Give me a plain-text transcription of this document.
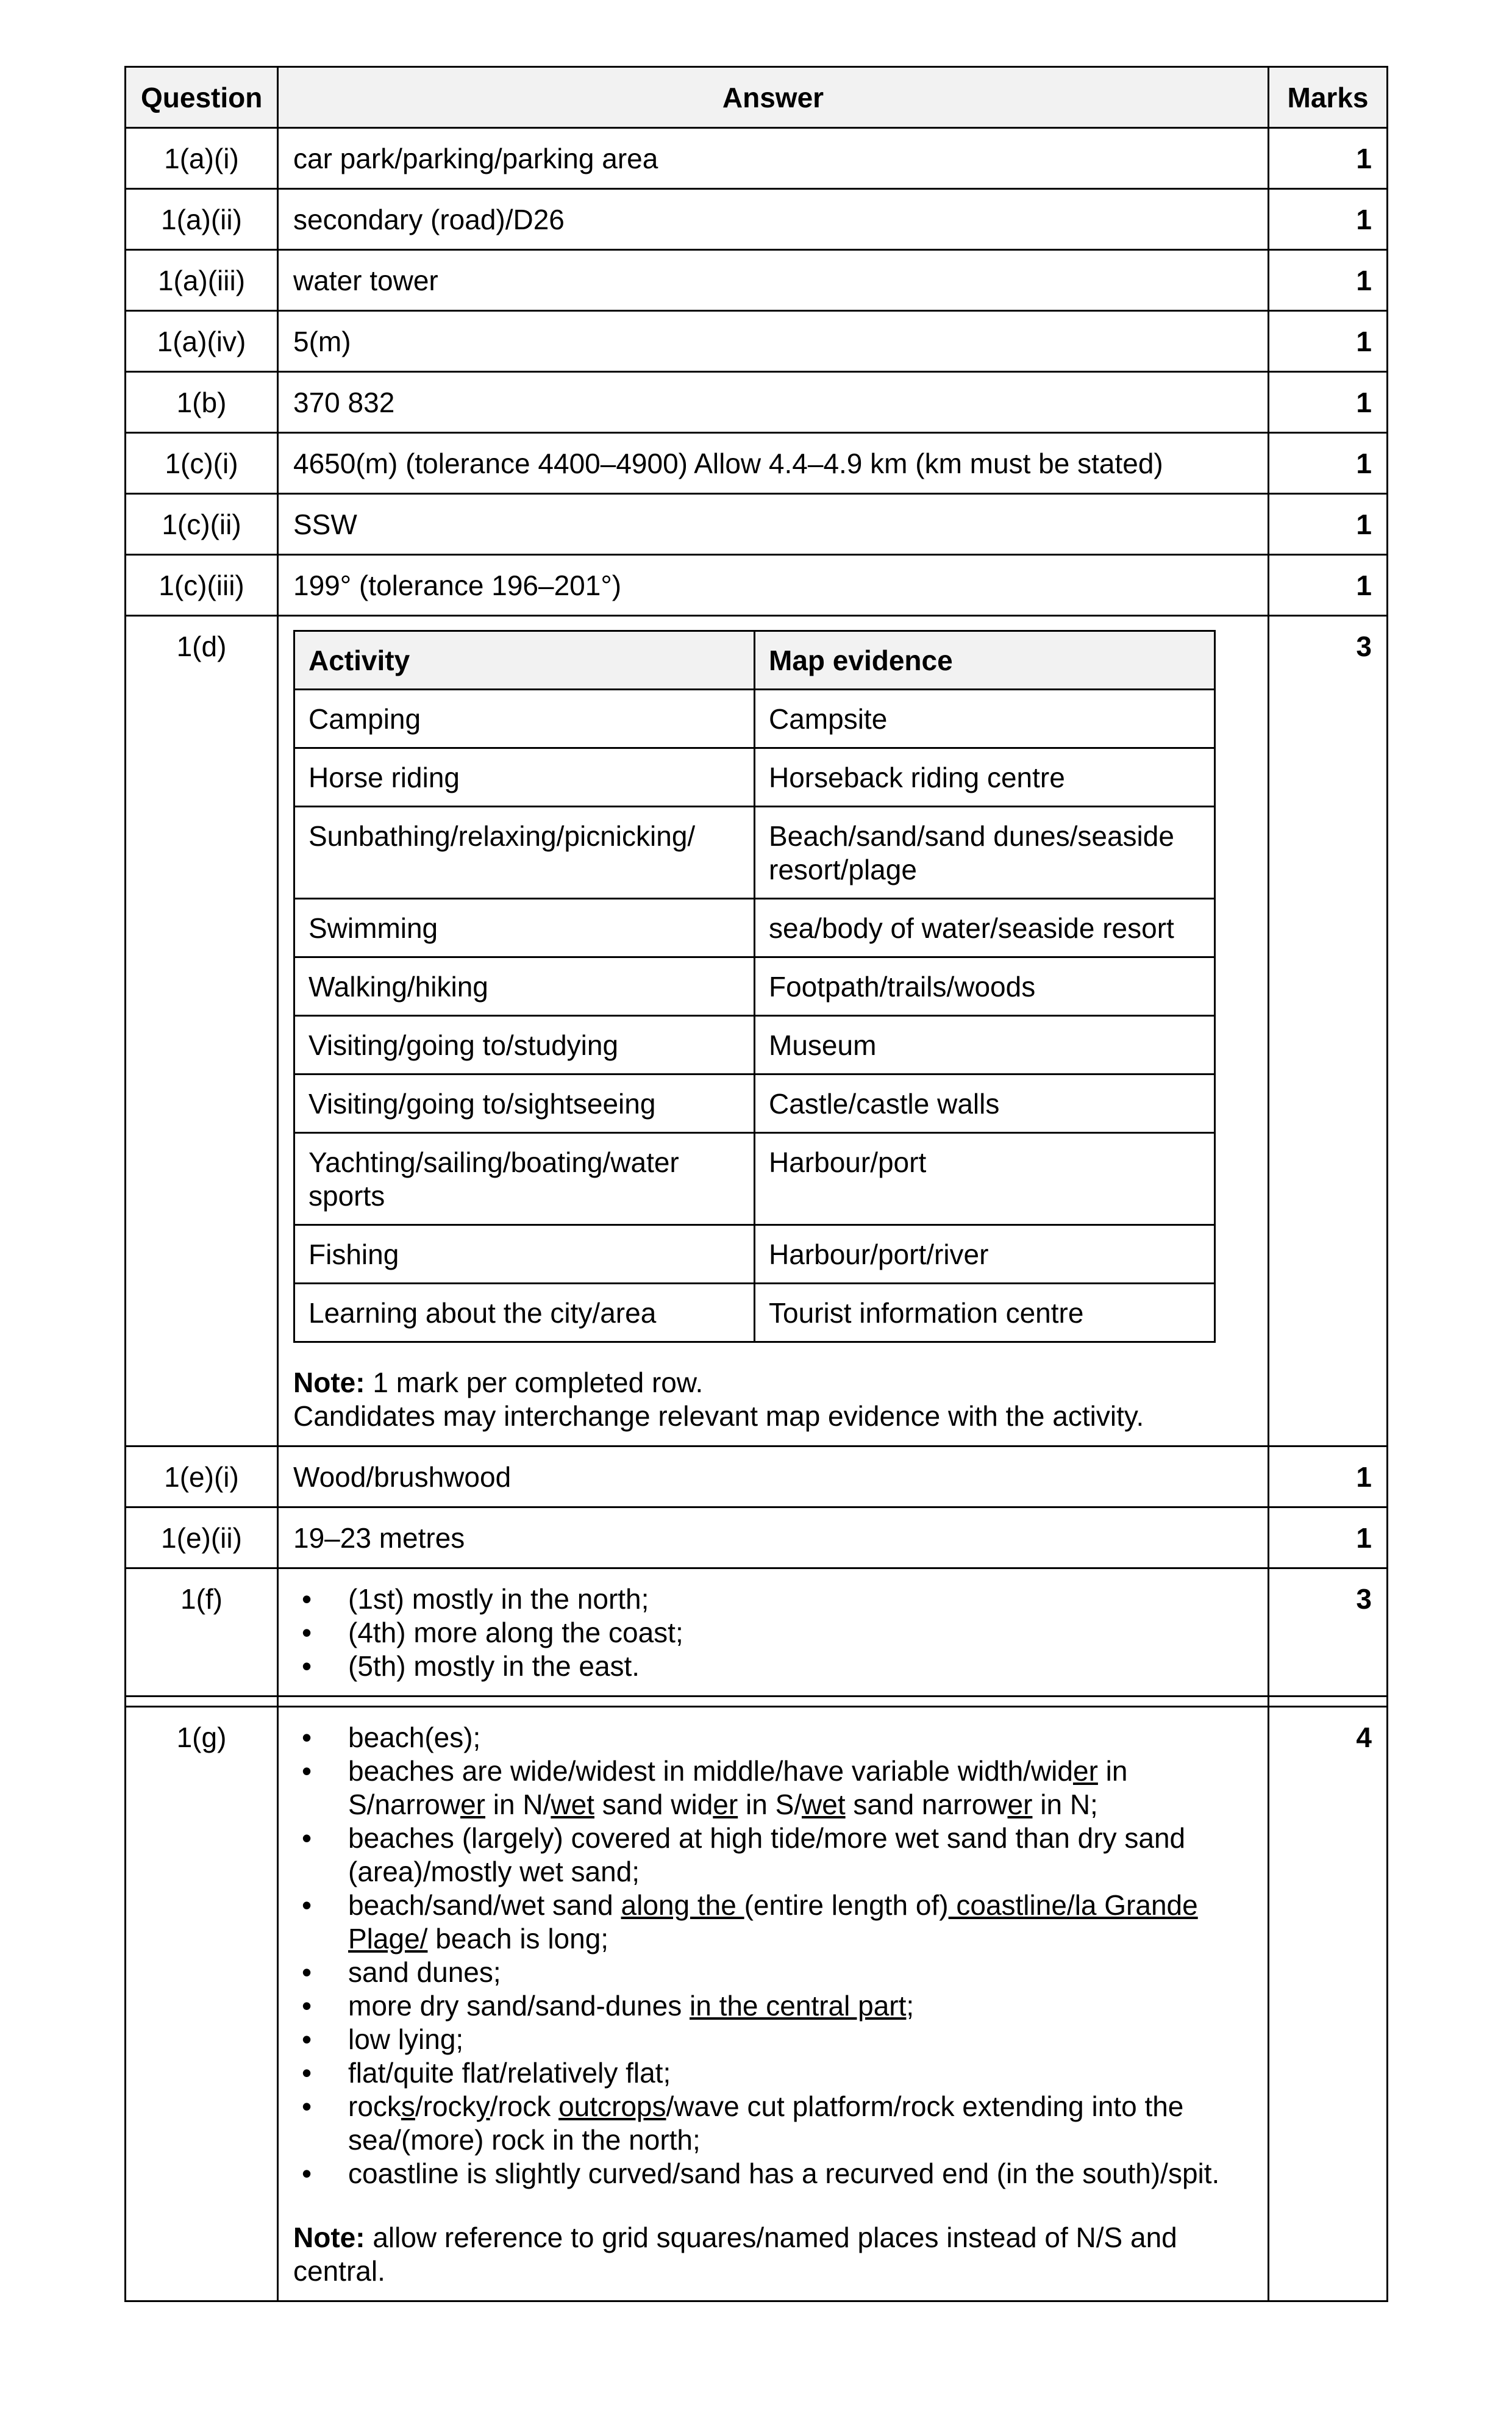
Question	Answer	Marks
1(a)(i)	car park/parking/parking area	1
1(a)(ii)	secondary (road)/D26	1
1(a)(iii)	water tower	1
1(a)(iv)	5(m)	1
1(b)	370 832	1
1(c)(i)	4650(m) (tolerance 4400–4900) Allow 4.4–4.9 km (km must be stated)	1
1(c)(ii)	SSW	1
1(c)(iii)	199° (tolerance 196–201°)	1
1(d)		Activity	Map evidence
Camping	Campsite
Horse riding	Horseback riding centre
Sunbathing/relaxing/picnicking/	Beach/sand/sand dunes/seaside resort/plage
Swimming	sea/body of water/seaside resort
Walking/hiking	Footpath/trails/woods
Visiting/going to/studying	Museum
Visiting/going to/sightseeing	Castle/castle walls
Yachting/sailing/boating/water sports	Harbour/port
Fishing	Harbour/port/river
Learning about the city/area	Tourist information centre
Note: 1 mark per completed row.
Candidates may interchange relevant map evidence with the activity.
	3
1(e)(i)	Wood/brushwood	1
1(e)(ii)	19–23 metres	1
1(f)	
•(1st) mostly in the north;
• (4th) more along the coast;
• (5th) mostly in the east.
	3

1(g)	
•beach(es);
• beaches are wide/widest in middle/have variable width/wider in S/narrower in N/wet sand wider in S/wet sand narrower in N;
• beaches (largely) covered at high tide/more wet sand than dry sand (area)/mostly wet sand;
• beach/sand/wet sand along the (entire length of) coastline/la Grande Plage/ beach is long;
• sand dunes;
• more dry sand/sand-dunes in the central part;
• low lying;
• flat/quite flat/relatively flat;
• rocks/rocky/rock outcrops/wave cut platform/rock extending into the sea/(more) rock in the north;
• coastline is slightly curved/sand has a recurved end (in the south)/spit.
Note: allow reference to grid squares/named places instead of N/S and central.
	4
